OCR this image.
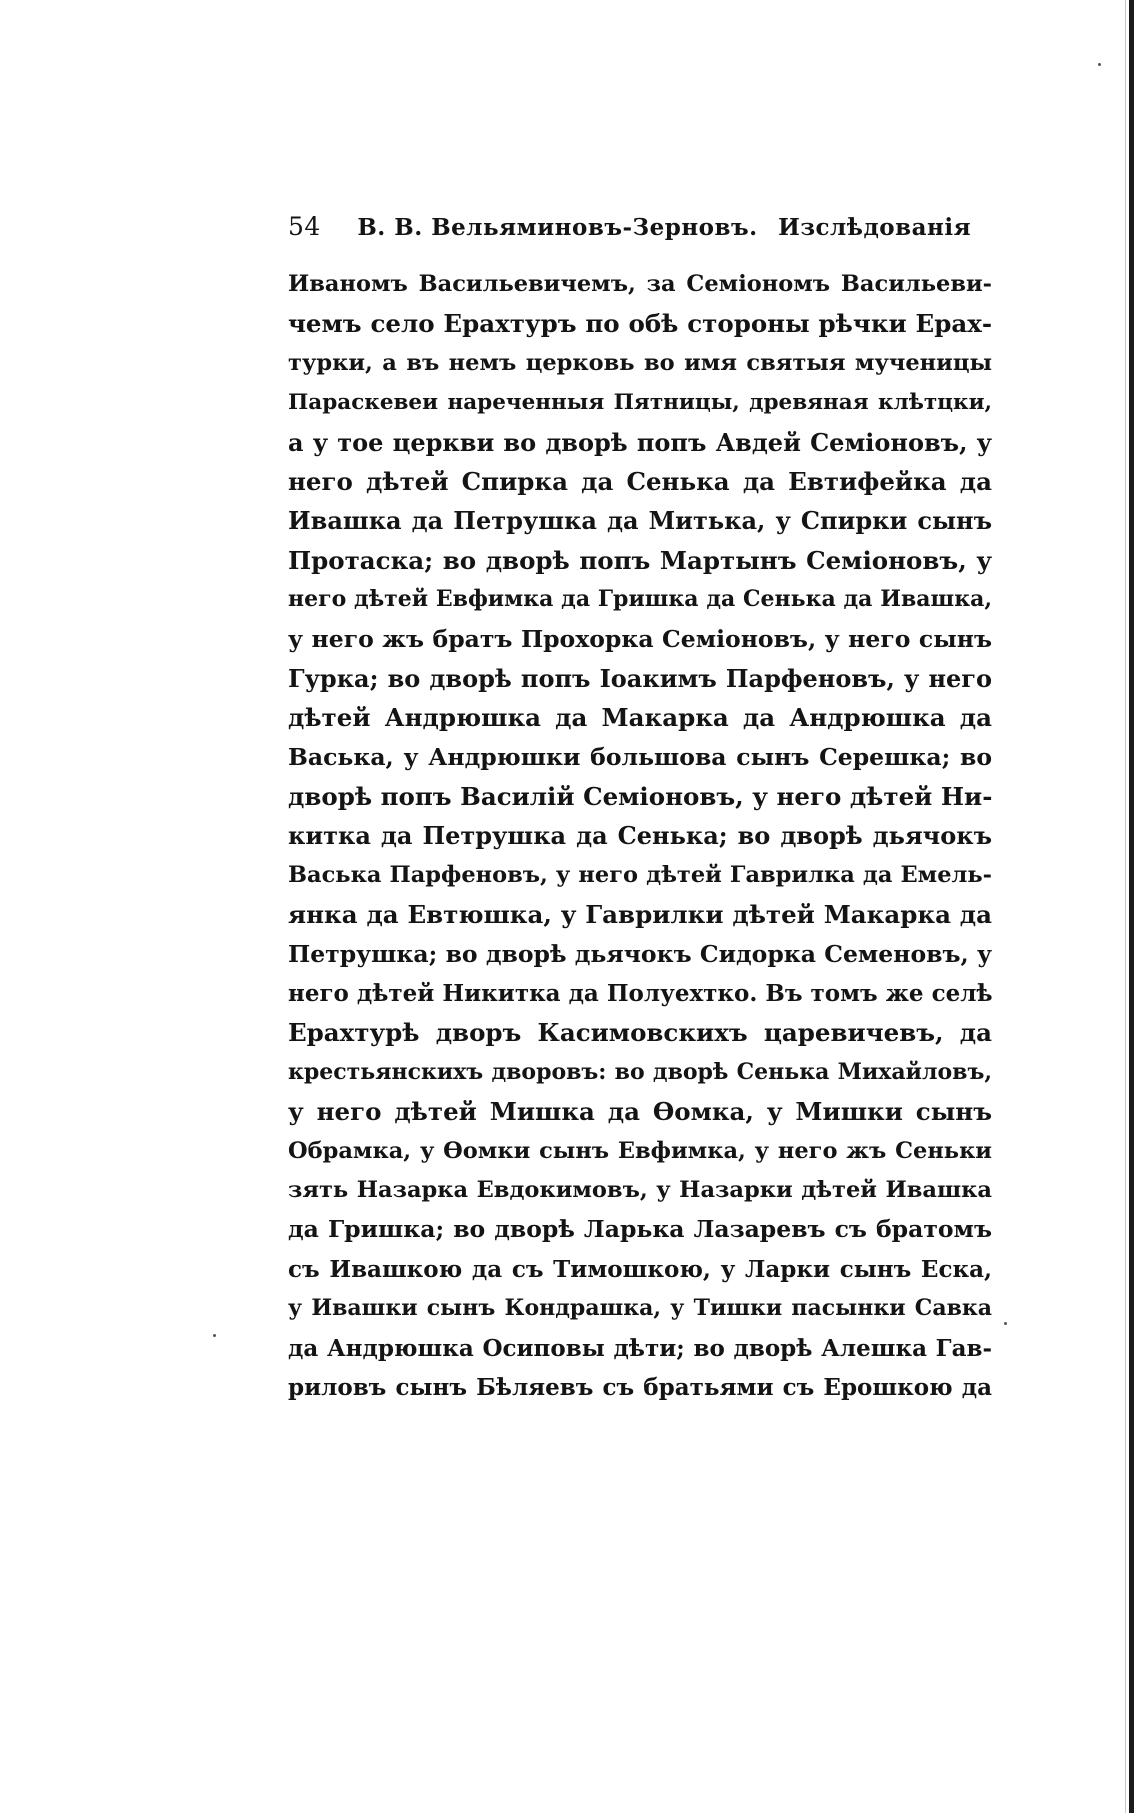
54 В. В. Вельяминовъ-Зерновъ. Изслѣдованія
Иваномъ Васильевичемъ, за Семіономъ Васильеви-
чемъ село Ерахтуръ по обѣ стороны рѣчки Ерах-
турки, а въ немъ церковь во имя святыя мученицы
Параскевеи нареченныя Пятницы, древяная клѣтцки,
а у тое церкви во дворѣ попъ Авдей Семіоновъ, у
него дѣтей Спирка да Сенька да Евтифейка да
Ивашка да Петрушка да Митька, у Спирки сынъ
Протаска; во дворѣ попъ Мартынъ Семіоновъ, у
него дѣтей Евфимка да Гришка да Сенька да Ивашка,
у него жъ братъ Прохорка Семіоновъ, у него сынъ
Гурка; во дворѣ попъ Іоакимъ Парфеновъ, у него
дѣтей Андрюшка да Макарка да Андрюшка да
Васька, у Андрюшки большова сынъ Серешка; во
дворѣ попъ Василій Семіоновъ, у него дѣтей Ни-
китка да Петрушка да Сенька; во дворѣ дьячокъ
Васька Парфеновъ, у него дѣтей Гаврилка да Емель-
янка да Евтюшка, у Гаврилки дѣтей Макарка да
Петрушка; во дворѣ дьячокъ Сидорка Семеновъ, у
него дѣтей Никитка да Полуехтко. Въ томъ же селѣ
Ерахтурѣ дворъ Касимовскихъ царевичевъ, да
крестьянскихъ дворовъ: во дворѣ Сенька Михайловъ,
у него дѣтей Мишка да Ѳомка, у Мишки сынъ
Обрамка, у Ѳомки сынъ Евфимка, у него жъ Сеньки
зять Назарка Евдокимовъ, у Назарки дѣтей Ивашка
да Гришка; во дворѣ Ларька Лазаревъ съ братомъ
съ Ивашкою да съ Тимошкою, у Ларки сынъ Еска,
у Ивашки сынъ Кондрашка, у Тишки пасынки Савка
да Андрюшка Осиповы дѣти; во дворѣ Алешка Гав-
риловъ сынъ Бѣляевъ съ братьями съ Ерошкою да
